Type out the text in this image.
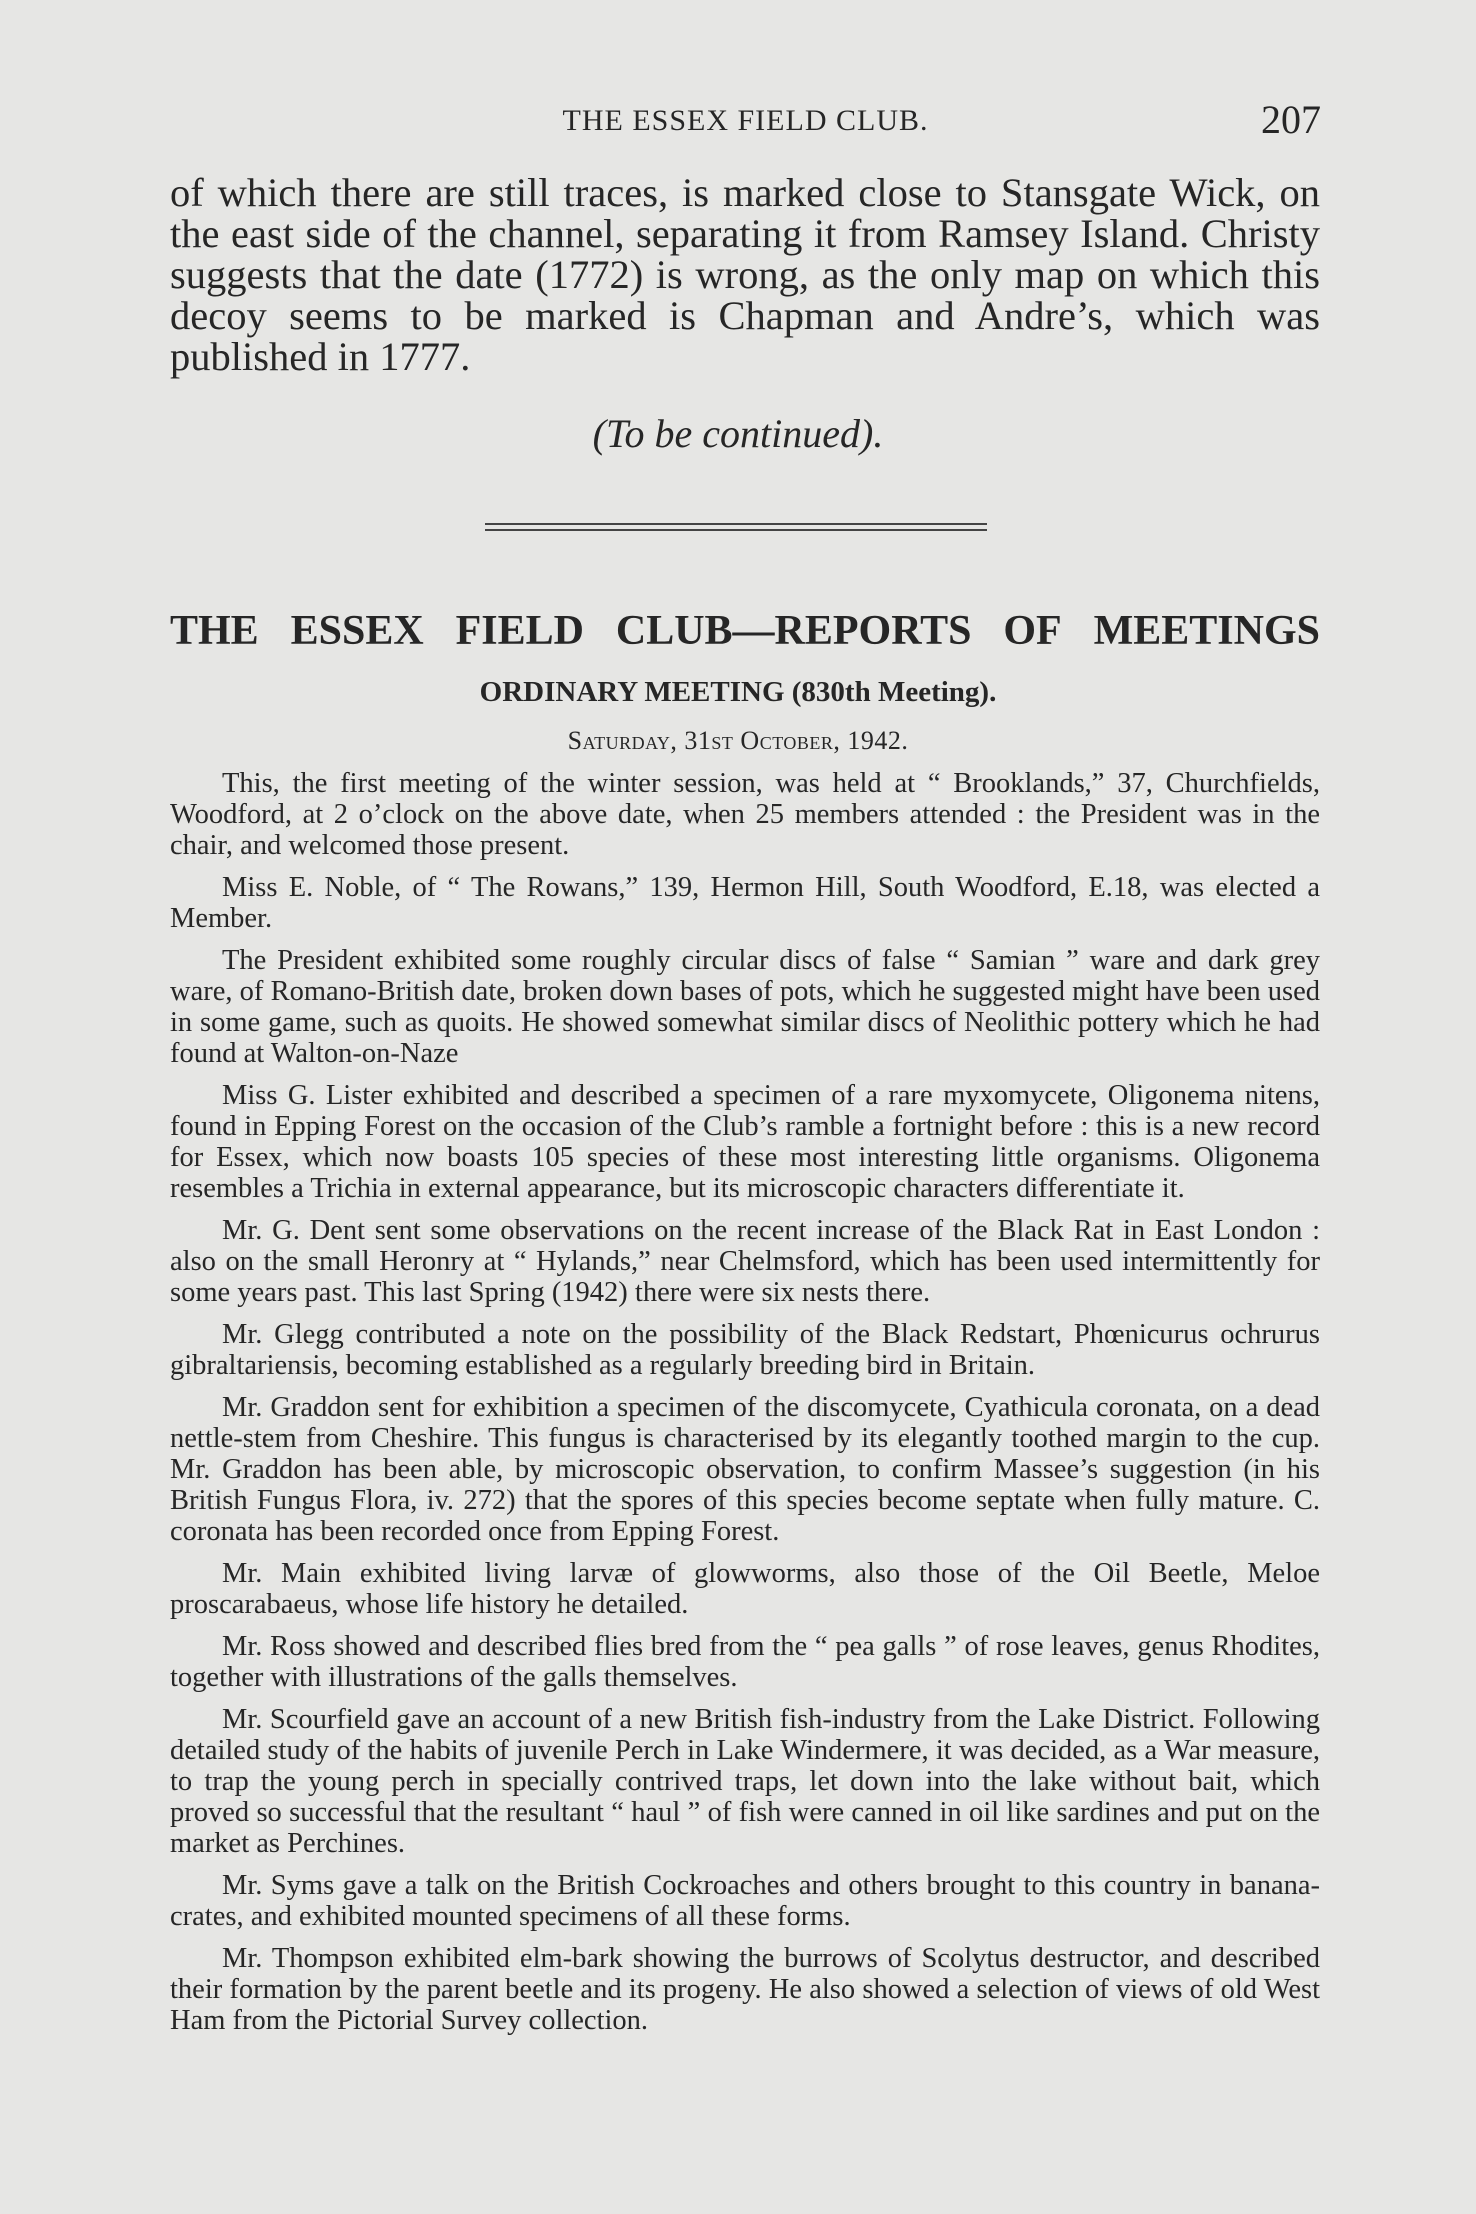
THE ESSEX FIELD CLUB.	207

of which there are still traces, is marked close to Stansgate Wick, on the east side of the channel, separating it from Ramsey Island. Christy suggests that the date (1772) is wrong, as the only map on which this decoy seems to be marked is Chapman and Andre’s, which was published in 1777.

(To be continued).
THE ESSEX FIELD CLUB—REPORTS OF MEETINGS
ORDINARY MEETING (830th Meeting).
Saturday, 31st October, 1942.

This, the first meeting of the winter session, was held at “ Brooklands,” 37, Churchfields, Woodford, at 2 o’clock on the above date, when 25 members attended : the President was in the chair, and welcomed those present.

Miss E. Noble, of “ The Rowans,” 139, Hermon Hill, South Woodford, E.18, was elected a Member.

The President exhibited some roughly circular discs of false “ Samian ” ware and dark grey ware, of Romano-British date, broken down bases of pots, which he suggested might have been used in some game, such as quoits. He showed somewhat similar discs of Neolithic pottery which he had found at Walton-on-Naze

Miss G. Lister exhibited and described a specimen of a rare myxomycete, Oligonema nitens, found in Epping Forest on the occasion of the Club’s ramble a fortnight before : this is a new record for Essex, which now boasts 105 species of these most interesting little organisms. Oligonema resembles a Trichia in external appearance, but its microscopic characters differentiate it.

Mr. G. Dent sent some observations on the recent increase of the Black Rat in East London : also on the small Heronry at “ Hylands,” near Chelmsford, which has been used intermittently for some years past. This last Spring (1942) there were six nests there.

Mr. Glegg contributed a note on the possibility of the Black Redstart, Phœnicurus ochrurus gibraltariensis, becoming established as a regularly breeding bird in Britain.

Mr. Graddon sent for exhibition a specimen of the discomycete, Cyathicula coronata, on a dead nettle-stem from Cheshire. This fungus is characterised by its elegantly toothed margin to the cup. Mr. Graddon has been able, by microscopic observation, to confirm Massee’s suggestion (in his British Fungus Flora, iv. 272) that the spores of this species become septate when fully mature. C. coronata has been recorded once from Epping Forest.

Mr. Main exhibited living larvæ of glowworms, also those of the Oil Beetle, Meloe proscarabaeus, whose life history he detailed.

Mr. Ross showed and described flies bred from the “ pea galls ” of rose leaves, genus Rhodites, together with illustrations of the galls themselves.

Mr. Scourfield gave an account of a new British fish-industry from the Lake District. Following detailed study of the habits of juvenile Perch in Lake Windermere, it was decided, as a War measure, to trap the young perch in specially contrived traps, let down into the lake without bait, which proved so successful that the resultant “ haul ” of fish were canned in oil like sardines and put on the market as Perchines.

Mr. Syms gave a talk on the British Cockroaches and others brought to this country in banana-crates, and exhibited mounted specimens of all these forms.

Mr. Thompson exhibited elm-bark showing the burrows of Scolytus destructor, and described their formation by the parent beetle and its progeny. He also showed a selection of views of old West Ham from the Pictorial Survey collection.
